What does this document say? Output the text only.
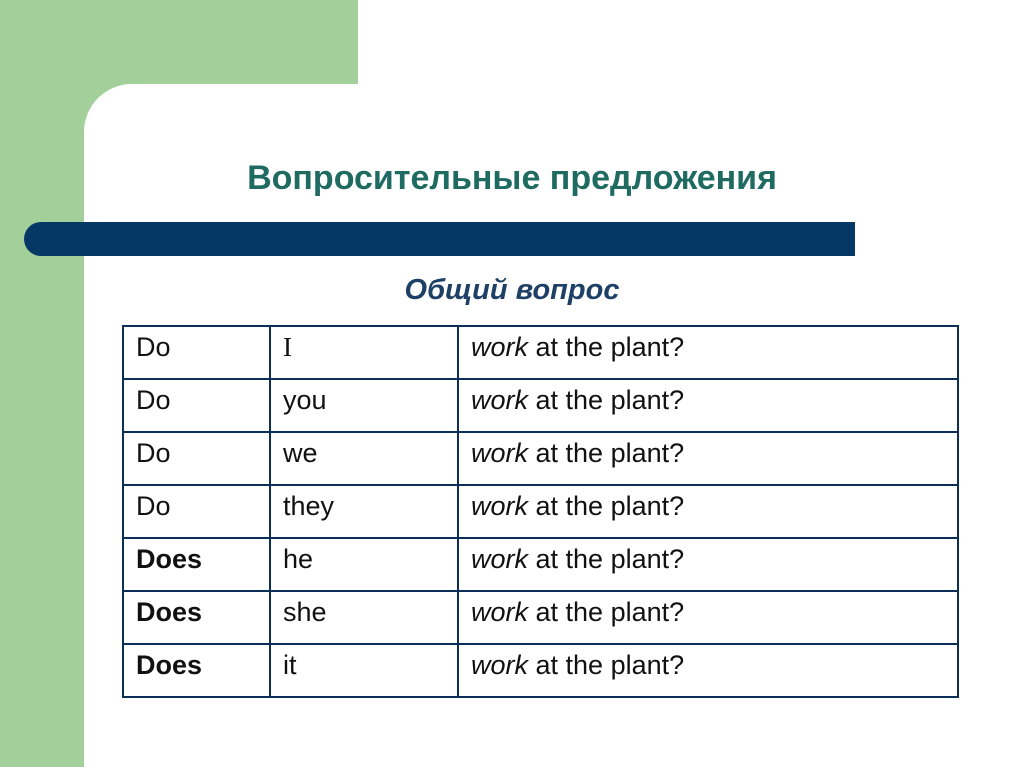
Вопросительные предложения
Общий вопрос
Do	I	work at the plant?
Do	you	work at the plant?
Do	we	work at the plant?
Do	they	work at the plant?
Does	he	work at the plant?
Does	she	work at the plant?
Does	it	work at the plant?
